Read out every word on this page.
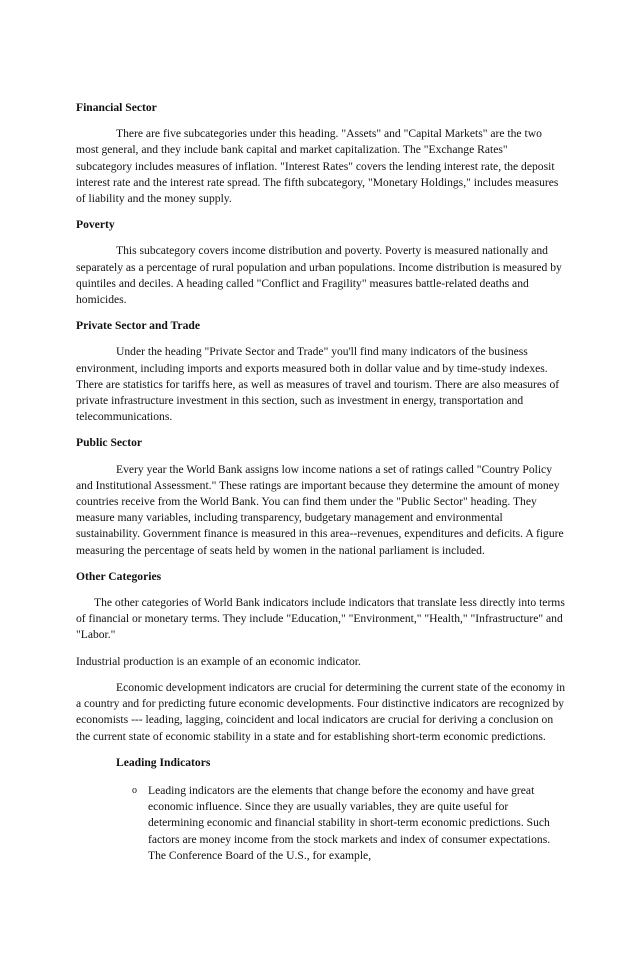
Financial Sector

There are five subcategories under this heading. "Assets" and "Capital Markets" are the two most general, and they include bank capital and market capitalization. The "Exchange Rates" subcategory includes measures of inflation. "Interest Rates" covers the lending interest rate, the deposit interest rate and the interest rate spread. The fifth subcategory, "Monetary Holdings," includes measures of liability and the money supply.

Poverty

This subcategory covers income distribution and poverty. Poverty is measured nationally and separately as a percentage of rural population and urban populations. Income distribution is measured by quintiles and deciles. A heading called "Conflict and Fragility" measures battle-related deaths and homicides.

Private Sector and Trade

Under the heading "Private Sector and Trade" you'll find many indicators of the business environment, including imports and exports measured both in dollar value and by time-study indexes. There are statistics for tariffs here, as well as measures of travel and tourism. There are also measures of private infrastructure investment in this section, such as investment in energy, transportation and telecommunications.

Public Sector

Every year the World Bank assigns low income nations a set of ratings called "Country Policy and Institutional Assessment." These ratings are important because they determine the amount of money countries receive from the World Bank. You can find them under the "Public Sector" heading. They measure many variables, including transparency, budgetary management and environmental sustainability. Government finance is measured in this area--revenues, expenditures and deficits. A figure measuring the percentage of seats held by women in the national parliament is included.

Other Categories

The other categories of World Bank indicators include indicators that translate less directly into terms of financial or monetary terms. They include "Education," "Environment," "Health," "Infrastructure" and "Labor."

Industrial production is an example of an economic indicator.

Economic development indicators are crucial for determining the current state of the economy in a country and for predicting future economic developments. Four distinctive indicators are recognized by economists --- leading, lagging, coincident and local indicators are crucial for deriving a conclusion on the current state of economic stability in a state and for establishing short-term economic predictions.

Leading Indicators
o Leading indicators are the elements that change before the economy and have great economic influence. Since they are usually variables, they are quite useful for determining economic and financial stability in short-term economic predictions. Such factors are money income from the stock markets and index of consumer expectations. The Conference Board of the U.S., for example,
